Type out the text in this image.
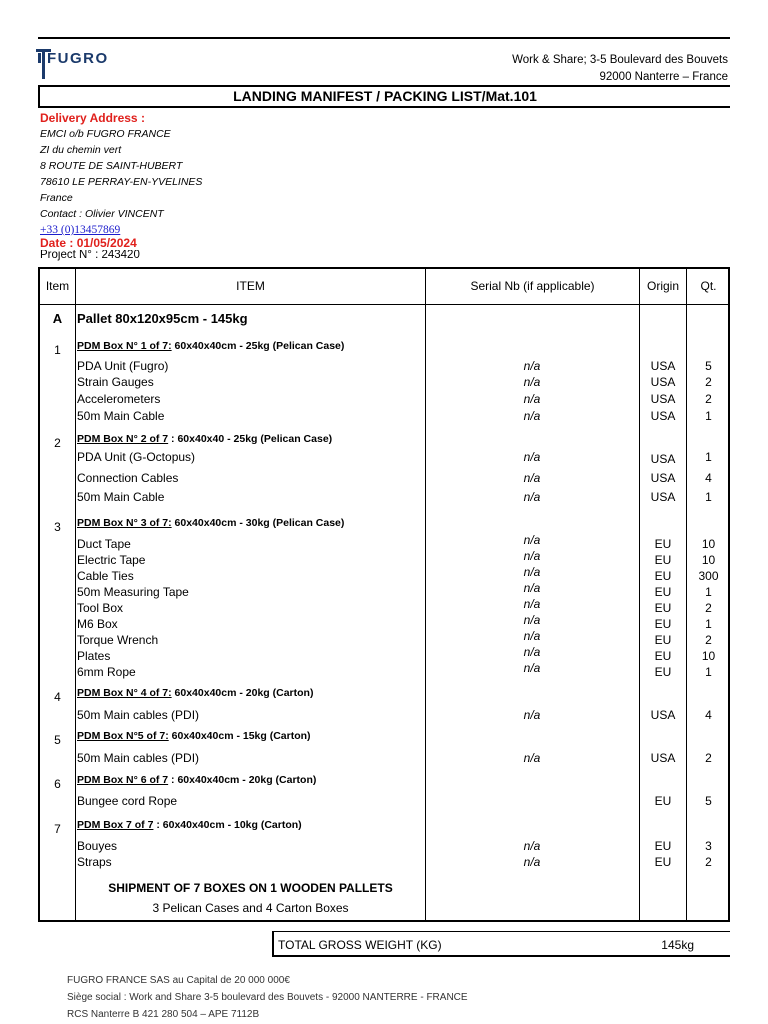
FUGRO	Work & Share; 3-5 Boulevard des Bouvets
92000 Nanterre – France
LANDING MANIFEST / PACKING LIST/Mat.101
Delivery Address :
EMCI o/b FUGRO FRANCE
ZI du chemin vert
8 ROUTE DE SAINT-HUBERT
78610 LE PERRAY-EN-YVELINES
France
Contact : Olivier VINCENT
+33 (0)13457869
Date : 01/05/2024
Project N° : 243420
Item	ITEM	Serial Nb (if applicable)	Origin	Qt.
A	Pallet 80x120x95cm - 145kg
1	PDM Box N° 1 of 7: 60x40x40cm - 25kg (Pelican Case)
PDA Unit (Fugro)	n/a	USA	5
Strain Gauges	n/a	USA	2
Accelerometers	n/a	USA	2
50m Main Cable	n/a	USA	1
2	PDM Box N° 2 of 7 : 60x40x40 - 25kg (Pelican Case)
PDA Unit (G-Octopus)	n/a	USA	1
Connection Cables	n/a	USA	4
50m Main Cable	n/a	USA	1
3	PDM Box N° 3 of 7: 60x40x40cm - 30kg (Pelican Case)
Duct Tape	n/a	EU	10
Electric Tape	n/a	EU	10
Cable Ties	n/a	EU	300
50m Measuring Tape	n/a	EU	1
Tool Box	n/a	EU	2
M6 Box	n/a	EU	1
Torque Wrench	n/a	EU	2
Plates	n/a	EU	10
6mm Rope	n/a	EU	1
4	PDM Box N° 4 of 7: 60x40x40cm - 20kg (Carton)
50m Main cables (PDI)	n/a	USA	4
5	PDM Box N°5 of 7: 60x40x40cm - 15kg (Carton)
50m Main cables (PDI)	n/a	USA	2
6	PDM Box N° 6 of 7 : 60x40x40cm - 20kg (Carton)
Bungee cord Rope	EU	5
7	PDM Box 7 of 7 : 60x40x40cm - 10kg (Carton)
Bouyes	n/a	EU	3
Straps	n/a	EU	2
SHIPMENT OF 7 BOXES ON 1 WOODEN PALLETS
3 Pelican Cases and 4 Carton Boxes
TOTAL GROSS WEIGHT (KG)	145kg
FUGRO FRANCE SAS au Capital de 20 000 000€
Siège social : Work and Share 3-5 boulevard des Bouvets - 92000 NANTERRE - FRANCE
RCS Nanterre B 421 280 504 – APE 7112B
